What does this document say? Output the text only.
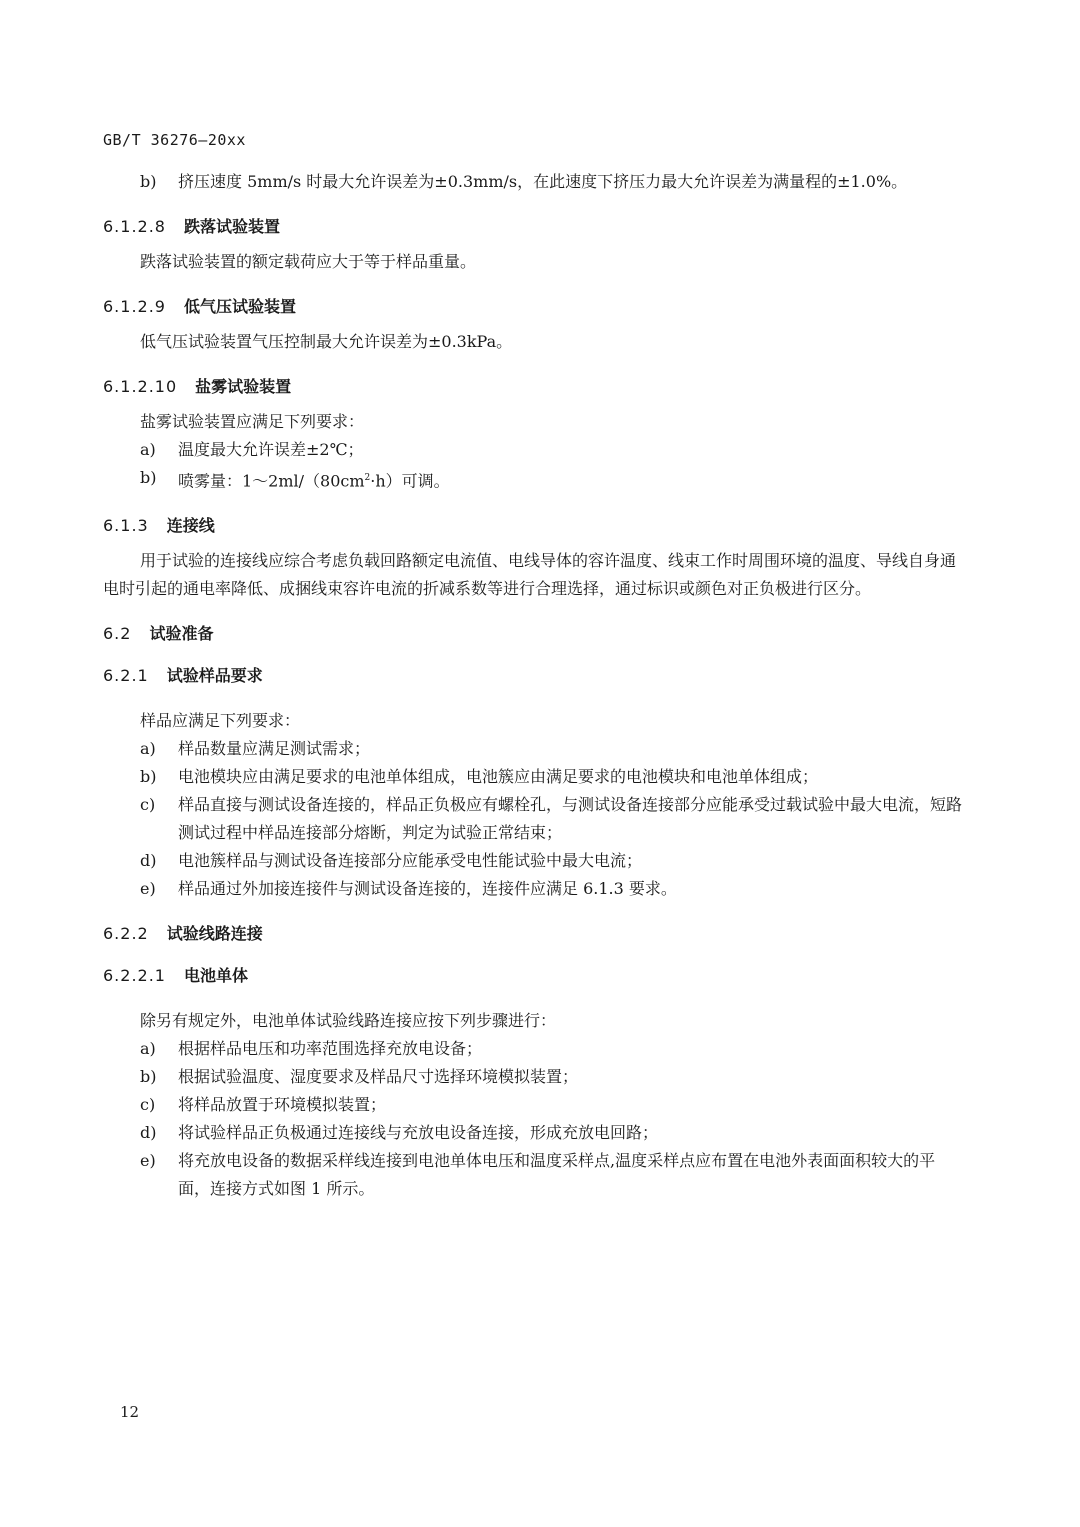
GB/T 36276—20xx
b)	挤压速度 5mm/s 时最大允许误差为±0.3mm/s，在此速度下挤压力最大允许误差为满量程的±1.0%。
6.1.2.8 跌落试验装置

跌落试验装置的额定载荷应大于等于样品重量。

6.1.2.9 低气压试验装置

低气压试验装置气压控制最大允许误差为±0.3kPa。

6.1.2.10 盐雾试验装置

盐雾试验装置应满足下列要求：

a)	温度最大允许误差±2℃；
b)	喷雾量：$1\sim 2ml/(80cm^2\cdot h)$可调。
6.1.3 连接线

用于试验的连接线应综合考虑负载回路额定电流值、电线导体的容许温度、线束工作时周围环境的温度、导线自身通电时引起的通电率降低、成捆线束容许电流的折减系数等进行合理选择，通过标识或颜色对正负极进行区分。

6.2 试验准备
6.2.1 试验样品要求

样品应满足下列要求：

a)	样品数量应满足测试需求；
b)	电池模块应由满足要求的电池单体组成，电池簇应由满足要求的电池模块和电池单体组成；
c)	样品直接与测试设备连接的，样品正负极应有螺栓孔，与测试设备连接部分应能承受过载试验中最大电流，短路测试过程中样品连接部分熔断，判定为试验正常结束；
d)	电池簇样品与测试设备连接部分应能承受电性能试验中最大电流；
e)	样品通过外加接连接件与测试设备连接的，连接件应满足 6.1.3 要求。
6.2.2 试验线路连接
6.2.2.1 电池单体

除另有规定外，电池单体试验线路连接应按下列步骤进行：

a)	根据样品电压和功率范围选择充放电设备；
b)	根据试验温度、湿度要求及样品尺寸选择环境模拟装置；
c)	将样品放置于环境模拟装置；
d)	将试验样品正负极通过连接线与充放电设备连接，形成充放电回路；
e)	将充放电设备的数据采样线连接到电池单体电压和温度采样点,温度采样点应布置在电池外表面面积较大的平面，连接方式如图 1 所示。
12
